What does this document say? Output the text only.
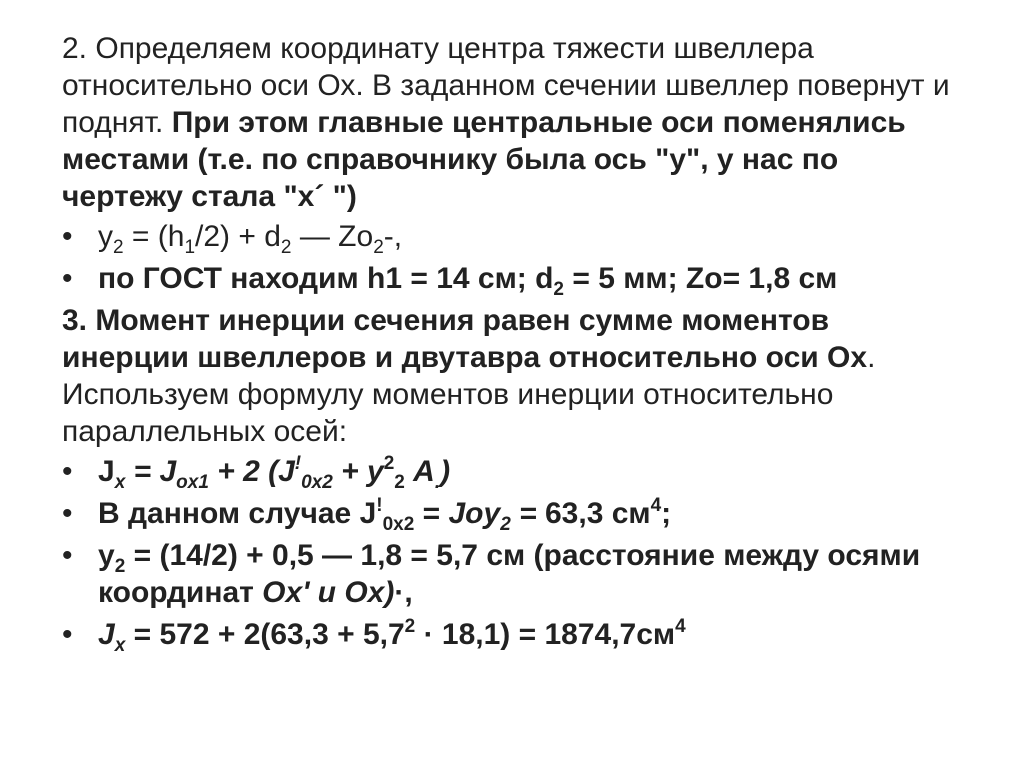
2. Определяем координату центра тяжести швеллера относительно оси Ох. В заданном сечении швеллер повернут и поднят. При этом главные центральные оси поменялись местами (т.е. по справочнику была ось "у", у нас по чертежу стала "х´ ")

• $у_2 = (h_1/2) + d_2$ — $Zо_2-$,
• по ГОСТ находим h1 = 14 см; $d_2 = 5$ мм; Zо= 1,8 см

3. Момент инерции сечения равен сумме моментов инерции швеллеров и двутавра относительно оси Ох. Используем формулу моментов инерции относительно параллельных осей:

• $J_x = J_{ox1} + 2$ ($J^!_{0x2} + у^2_2$ $А_.$)
• В данном случае $J^!_{0x2} = Joy_2 = 63,3$ $см^4$;
• $у_2 = (14/2) + 0,5$ — 1,8 = 5,7 см (расстояние между осями координат Ох' и Ох)·,
• $J_x = 572 + 2(63,3 + 5,7^2 \cdot 18,1) = 1874,7см^4$
